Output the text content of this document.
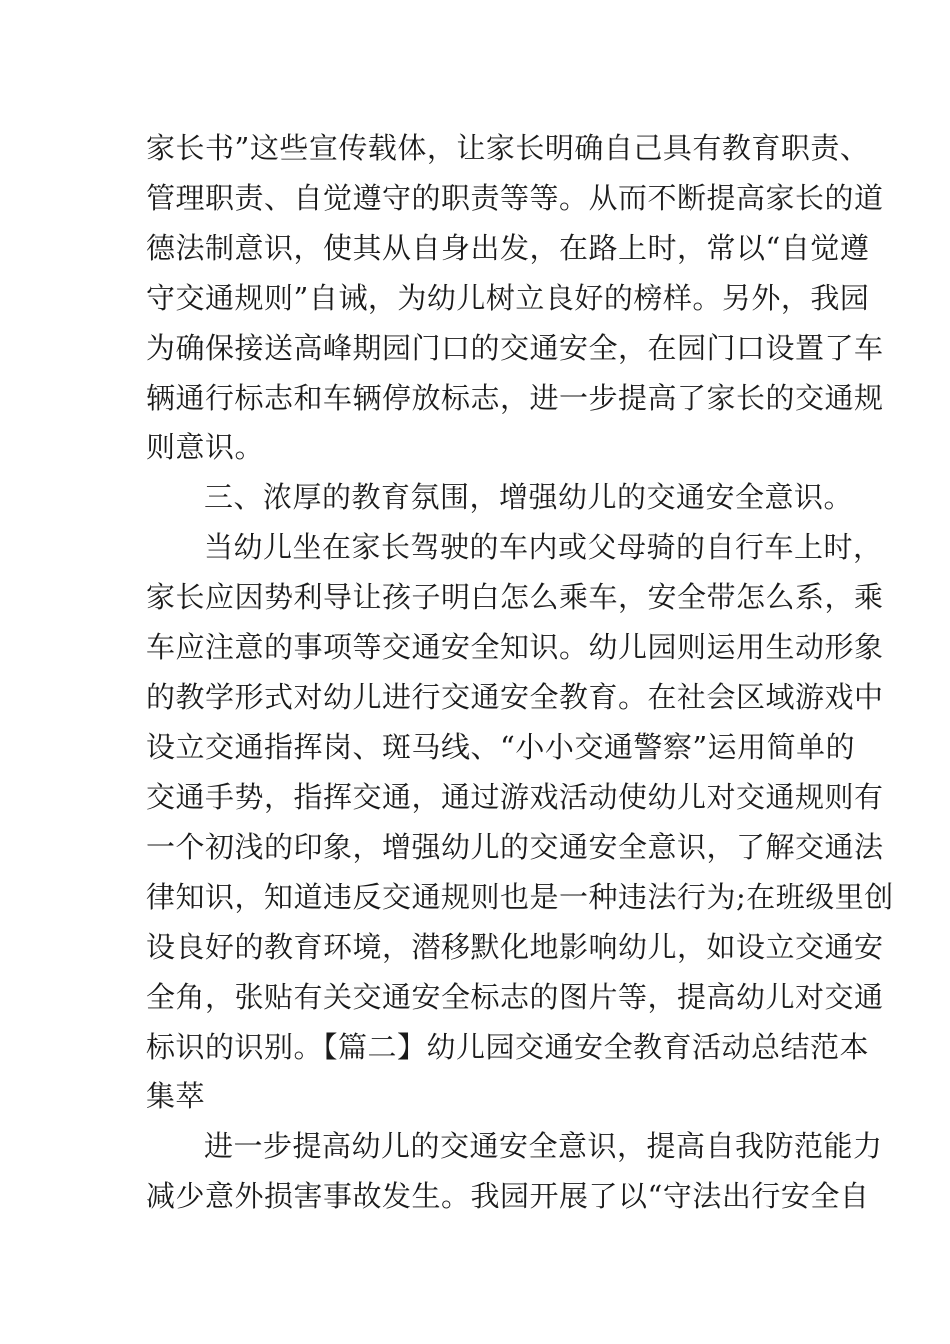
家长书”这些宣传载体，让家长明确自己具有教育职责、
管理职责、自觉遵守的职责等等。从而不断提高家长的道
德法制意识，使其从自身出发，在路上时，常以“自觉遵
守交通规则”自诫，为幼儿树立良好的榜样。另外，我园
为确保接送高峰期园门口的交通安全，在园门口设置了车
辆通行标志和车辆停放标志，进一步提高了家长的交通规
则意识。
三、浓厚的教育氛围，增强幼儿的交通安全意识。
当幼儿坐在家长驾驶的车内或父母骑的自行车上时，
家长应因势利导让孩子明白怎么乘车，安全带怎么系，乘
车应注意的事项等交通安全知识。幼儿园则运用生动形象
的教学形式对幼儿进行交通安全教育。在社会区域游戏中
设立交通指挥岗、斑马线、“小小交通警察”运用简单的
交通手势，指挥交通，通过游戏活动使幼儿对交通规则有
一个初浅的印象，增强幼儿的交通安全意识，了解交通法
律知识，知道违反交通规则也是一种违法行为;在班级里创
设良好的教育环境，潜移默化地影响幼儿，如设立交通安
全角，张贴有关交通安全标志的图片等，提高幼儿对交通
标识的识别。【篇二】幼儿园交通安全教育活动总结范本
集萃
进一步提高幼儿的交通安全意识，提高自我防范能力
减少意外损害事故发生。我园开展了以“守法出行安全自
